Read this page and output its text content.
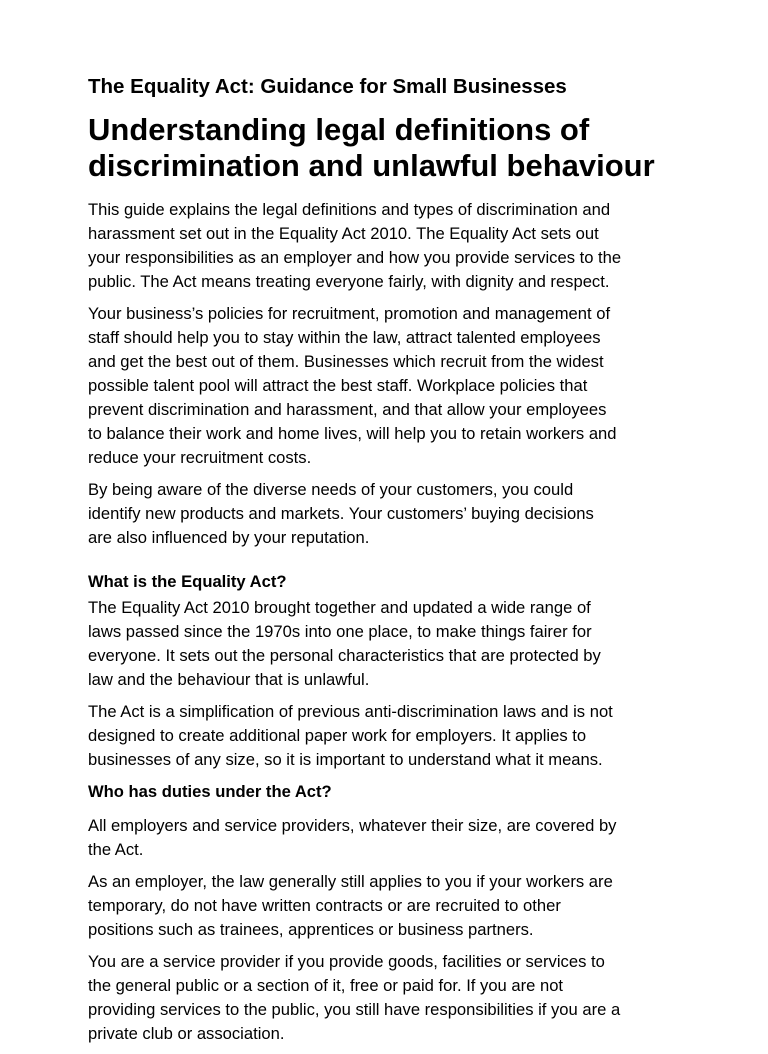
The Equality Act: Guidance for Small Businesses
Understanding legal definitions of
discrimination and unlawful behaviour

This guide explains the legal definitions and types of discrimination and
harassment set out in the Equality Act 2010. The Equality Act sets out
your responsibilities as an employer and how you provide services to the
public. The Act means treating everyone fairly, with dignity and respect.

Your business’s policies for recruitment, promotion and management of
staff should help you to stay within the law, attract talented employees
and get the best out of them. Businesses which recruit from the widest
possible talent pool will attract the best staff. Workplace policies that
prevent discrimination and harassment, and that allow your employees
to balance their work and home lives, will help you to retain workers and
reduce your recruitment costs.

By being aware of the diverse needs of your customers, you could
identify new products and markets. Your customers’ buying decisions
are also influenced by your reputation.

What is the Equality Act?

The Equality Act 2010 brought together and updated a wide range of
laws passed since the 1970s into one place, to make things fairer for
everyone. It sets out the personal characteristics that are protected by
law and the behaviour that is unlawful.

The Act is a simplification of previous anti-discrimination laws and is not
designed to create additional paper work for employers. It applies to
businesses of any size, so it is important to understand what it means.

Who has duties under the Act?

All employers and service providers, whatever their size, are covered by
the Act.

As an employer, the law generally still applies to you if your workers are
temporary, do not have written contracts or are recruited to other
positions such as trainees, apprentices or business partners.

You are a service provider if you provide goods, facilities or services to
the general public or a section of it, free or paid for. If you are not
providing services to the public, you still have responsibilities if you are a
private club or association.
